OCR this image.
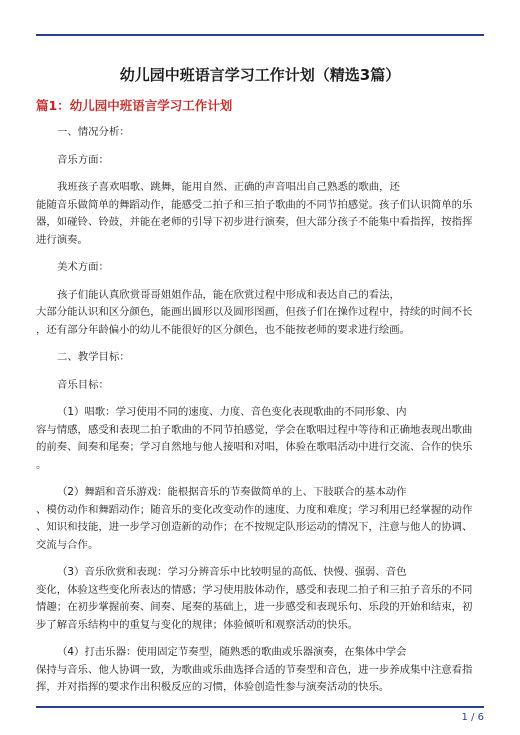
幼儿园中班语言学习工作计划（精选3篇）
篇1：幼儿园中班语言学习工作计划

一、情况分析：

音乐方面：

我班孩子喜欢唱歌、跳舞，能用自然、正确的声音唱出自己熟悉的歌曲，还
能随音乐做简单的舞蹈动作，能感受二拍子和三拍子歌曲的不同节拍感觉。孩子们认识简单的乐
器，如碰铃、铃鼓，并能在老师的引导下初步进行演奏，但大部分孩子不能集中看指挥，按指挥
进行演奏。

美术方面：

孩子们能认真欣赏哥哥姐姐作品，能在欣赏过程中形成和表达自己的看法，
大部分能认识和区分颜色，能画出圆形以及圆形图画，但孩子们在操作过程中，持续的时间不长
，还有部分年龄偏小的幼儿不能很好的区分颜色，也不能按老师的要求进行绘画。

二、教学目标：

音乐目标：

（1）唱歌：学习使用不同的速度、力度、音色变化表现歌曲的不同形象、内
容与情感，感受和表现二拍子歌曲的不同节拍感觉，学会在歌唱过程中等待和正确地表现出歌曲
的前奏、间奏和尾奏；学习自然地与他人接唱和对唱，体验在歌唱活动中进行交流、合作的快乐
。

（2）舞蹈和音乐游戏：能根据音乐的节奏做简单的上、下肢联合的基本动作
、模仿动作和舞蹈动作；随音乐的变化改变动作的速度、力度和难度；学习利用已经掌握的动作
、知识和技能，进一步学习创造新的动作；在不按规定队形运动的情况下，注意与他人的协调、
交流与合作。

（3）音乐欣赏和表现：学习分辨音乐中比较明显的高低、快慢、强弱、音色
变化，体验这些变化所表达的情感；学习使用肢体动作，感受和表现二拍子和三拍子音乐的不同
情趣；在初步掌握前奏、间奏、尾奏的基础上，进一步感受和表现乐句、乐段的开始和结束，初
步了解音乐结构中的重复与变化的规律；体验倾听和观察活动的快乐。

（4）打击乐器：使用固定节奏型，随熟悉的歌曲或乐器演奏，在集体中学会
保持与音乐、他人协调一致，为歌曲或乐曲选择合适的节奏型和音色，进一步养成集中注意看指
挥，并对指挥的要求作出积极反应的习惯，体验创造性参与演奏活动的快乐。

1 / 6
